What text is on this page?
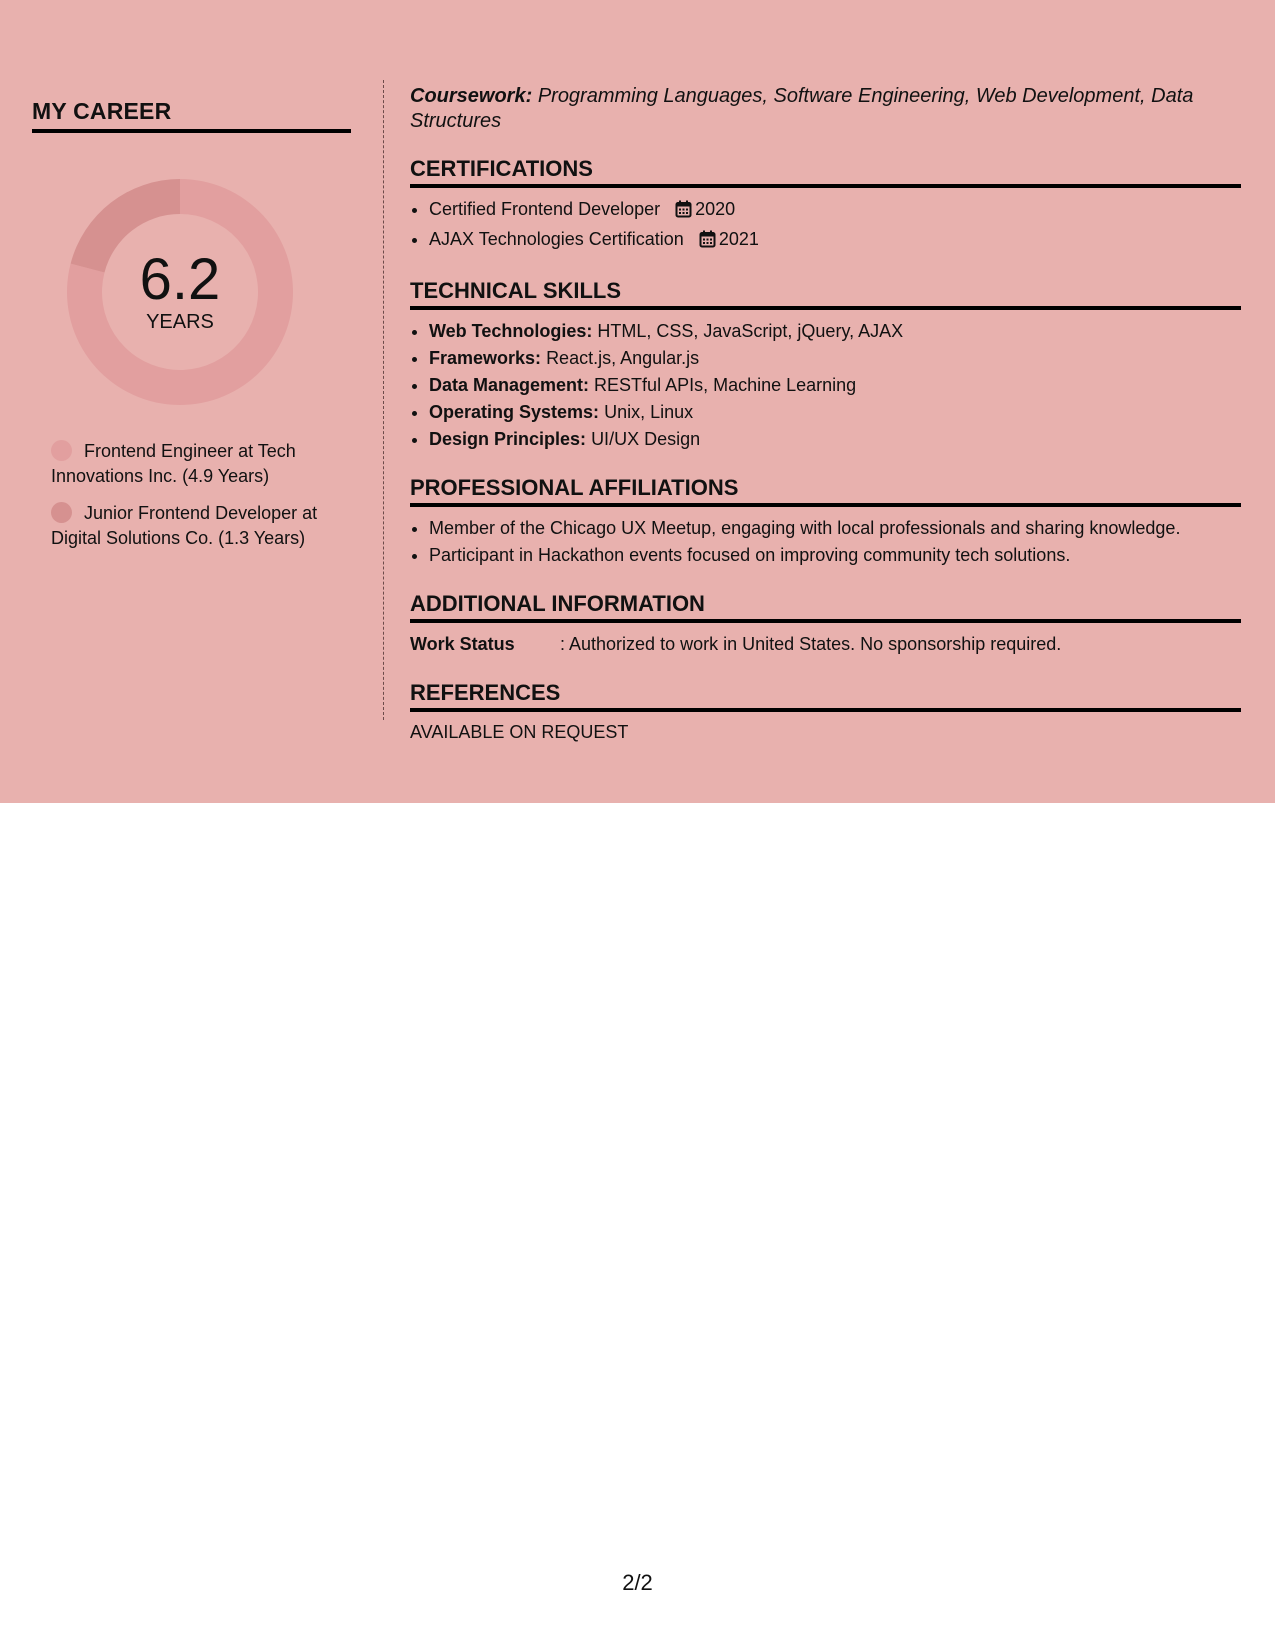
MY CAREER
6.2
YEARS
Frontend Engineer at Tech Innovations Inc. (4.9 Years)
Junior Frontend Developer at Digital Solutions Co. (1.3 Years)
Coursework: Programming Languages, Software Engineering, Web Development, Data Structures
CERTIFICATIONS
• Certified Frontend Developer 2020
• AJAX Technologies Certification 2021
TECHNICAL SKILLS
• Web Technologies: HTML, CSS, JavaScript, jQuery, AJAX
• Frameworks: React.js, Angular.js
• Data Management: RESTful APIs, Machine Learning
• Operating Systems: Unix, Linux
• Design Principles: UI/UX Design
PROFESSIONAL AFFILIATIONS
• Member of the Chicago UX Meetup, engaging with local professionals and sharing knowledge.
• Participant in Hackathon events focused on improving community tech solutions.
ADDITIONAL INFORMATION
Work Status	: Authorized to work in United States. No sponsorship required.
REFERENCES
AVAILABLE ON REQUEST
2/2
